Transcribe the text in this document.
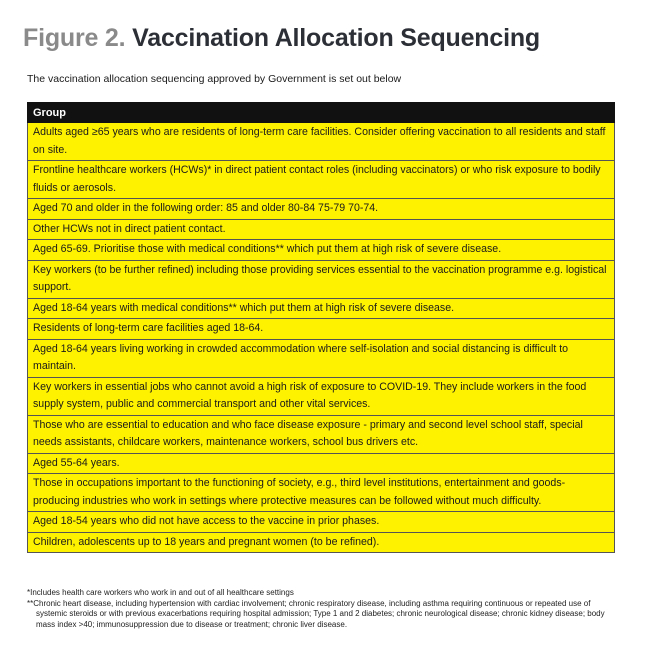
Figure 2. Vaccination Allocation Sequencing
The vaccination allocation sequencing approved by Government is set out below
Group
Adults aged ≥65 years who are residents of long-term care facilities. Consider offering vaccination to all residents and staff on site.
Frontline healthcare workers (HCWs)* in direct patient contact roles (including vaccinators) or who risk exposure to bodily fluids or aerosols.
Aged 70 and older in the following order: 85 and older 80-84 75-79 70-74.
Other HCWs not in direct patient contact.
Aged 65-69. Prioritise those with medical conditions** which put them at high risk of severe disease.
Key workers (to be further refined) including those providing services essential to the vaccination programme e.g. logistical support.
Aged 18-64 years with medical conditions** which put them at high risk of severe disease.
Residents of long-term care facilities aged 18-64.
Aged 18-64 years living working in crowded accommodation where self-isolation and social distancing is difficult to maintain.
Key workers in essential jobs who cannot avoid a high risk of exposure to COVID-19. They include workers in the food supply system, public and commercial transport and other vital services.
Those who are essential to education and who face disease exposure - primary and second level school staff, special needs assistants, childcare workers, maintenance workers, school bus drivers etc.
Aged 55-64 years.
Those in occupations important to the functioning of society, e.g., third level institutions, entertainment and goods-producing industries who work in settings where protective measures can be followed without much difficulty.
Aged 18-54 years who did not have access to the vaccine in prior phases.
Children, adolescents up to 18 years and pregnant women (to be refined).

*Includes health care workers who work in and out of all healthcare settings

**Chronic heart disease, including hypertension with cardiac involvement; chronic respiratory disease, including asthma requiring continuous or repeated use of systemic steroids or with previous exacerbations requiring hospital admission; Type 1 and 2 diabetes; chronic neurological disease; chronic kidney disease; body mass index >40; immunosuppression due to disease or treatment; chronic liver disease.
